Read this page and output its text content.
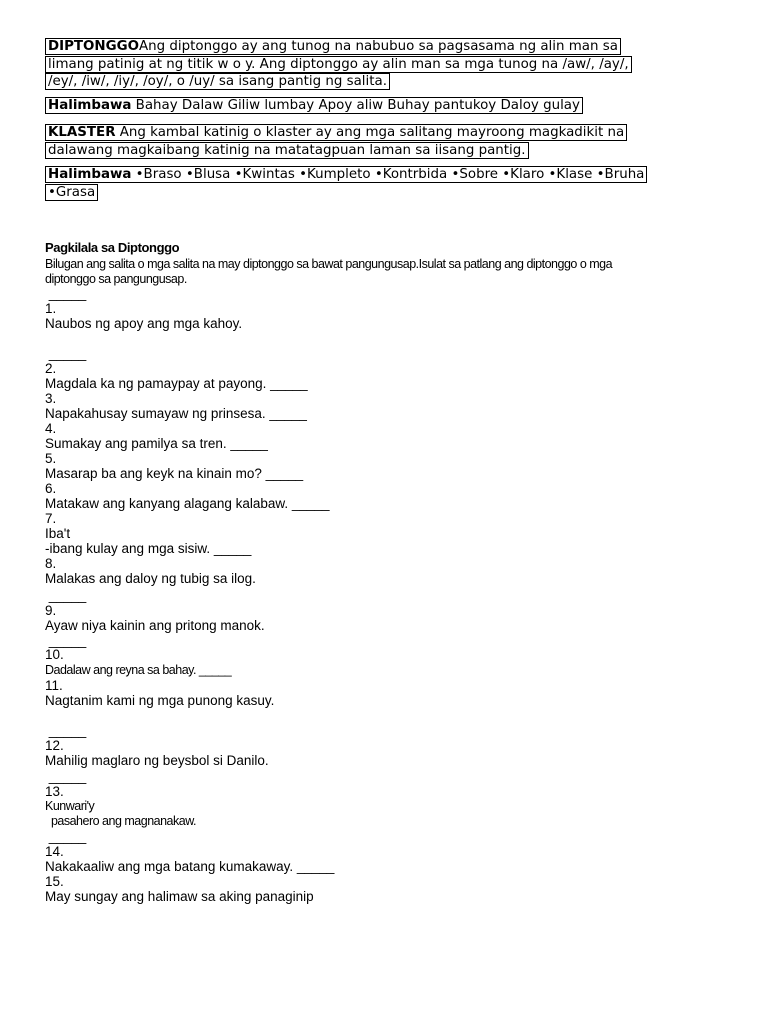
DIPTONGGOAng diptonggo ay ang tunog na nabubuo sa pagsasama ng alin man sa
limang patinig at ng titik w o y. Ang diptonggo ay alin man sa mga tunog na /aw/, /ay/,
/ey/, /iw/, /iy/, /oy/, o /uy/ sa isang pantig ng salita.
Halimbawa Bahay Dalaw Giliw lumbay Apoy aliw Buhay pantukoy Daloy gulay
KLASTER Ang kambal katinig o klaster ay ang mga salitang mayroong magkadikit na
dalawang magkaibang katinig na matatagpuan laman sa iisang pantig.
Halimbawa •Braso •Blusa •Kwintas •Kumpleto •Kontrbida •Sobre •Klaro •Klase •Bruha
•Grasa
Pagkilala sa Diptonggo
Bilugan ang salita o mga salita na may diptonggo sa bawat pangungusap.Isulat sa patlang ang diptonggo o mga
diptonggo sa pangungusap.
_____
1.
Naubos ng apoy ang mga kahoy.
_____
2.
Magdala ka ng pamaypay at payong. _____
3.
Napakahusay sumayaw ng prinsesa. _____
4.
Sumakay ang pamilya sa tren. _____
5.
Masarap ba ang keyk na kinain mo? _____
6.
Matakaw ang kanyang alagang kalabaw. _____
7.
Iba't
-ibang kulay ang mga sisiw. _____
8.
Malakas ang daloy ng tubig sa ilog.
_____
9.
Ayaw niya kainin ang pritong manok.
_____
10.
Dadalaw ang reyna sa bahay. _____
11.
Nagtanim kami ng mga punong kasuy.
_____
12.
Mahilig maglaro ng beysbol si Danilo.
_____
13.
Kunwari'y
pasahero ang magnanakaw.
_____
14.
Nakakaaliw ang mga batang kumakaway. _____
15.
May sungay ang halimaw sa aking panaginip
